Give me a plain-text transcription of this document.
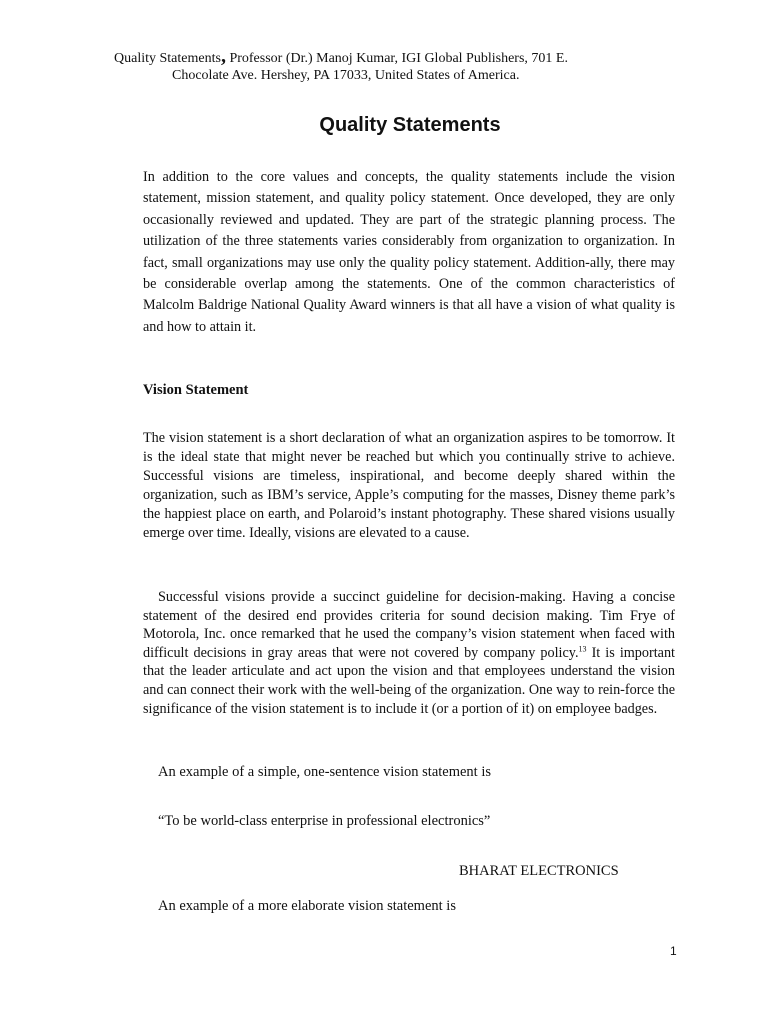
Quality Statements, Professor (Dr.) Manoj Kumar, IGI Global Publishers, 701 E.
Chocolate Ave. Hershey, PA 17033, United States of America.
Quality Statements
In addition to the core values and concepts, the quality statements include the vision statement, mission statement, and quality policy statement. Once developed, they are only occasionally reviewed and updated. They are part of the strategic planning process. The utilization of the three statements varies considerably from organization to organization. In fact, small organizations may use only the quality policy statement. Addition-ally, there may be considerable overlap among the statements. One of the common characteristics of Malcolm Baldrige National Quality Award winners is that all have a vision of what quality is and how to attain it.
Vision Statement
The vision statement is a short declaration of what an organization aspires to be tomorrow. It is the ideal state that might never be reached but which you continually strive to achieve. Successful visions are timeless, inspirational, and become deeply shared within the organization, such as IBM’s service, Apple’s computing for the masses, Disney theme park’s the happiest place on earth, and Polaroid’s instant photography. These shared visions usually emerge over time. Ideally, visions are elevated to a cause.
Successful visions provide a succinct guideline for decision-making. Having a concise statement of the desired end provides criteria for sound decision making. Tim Frye of Motorola, Inc. once remarked that he used the company’s vision statement when faced with difficult decisions in gray areas that were not covered by company policy.$^{13}$ It is important that the leader articulate and act upon the vision and that employees understand the vision and can connect their work with the well-being of the organization. One way to rein-force the significance of the vision statement is to include it (or a portion of it) on employee badges.
An example of a simple, one-sentence vision statement is
“To be world-class enterprise in professional electronics”
BHARAT ELECTRONICS
An example of a more elaborate vision statement is
1
